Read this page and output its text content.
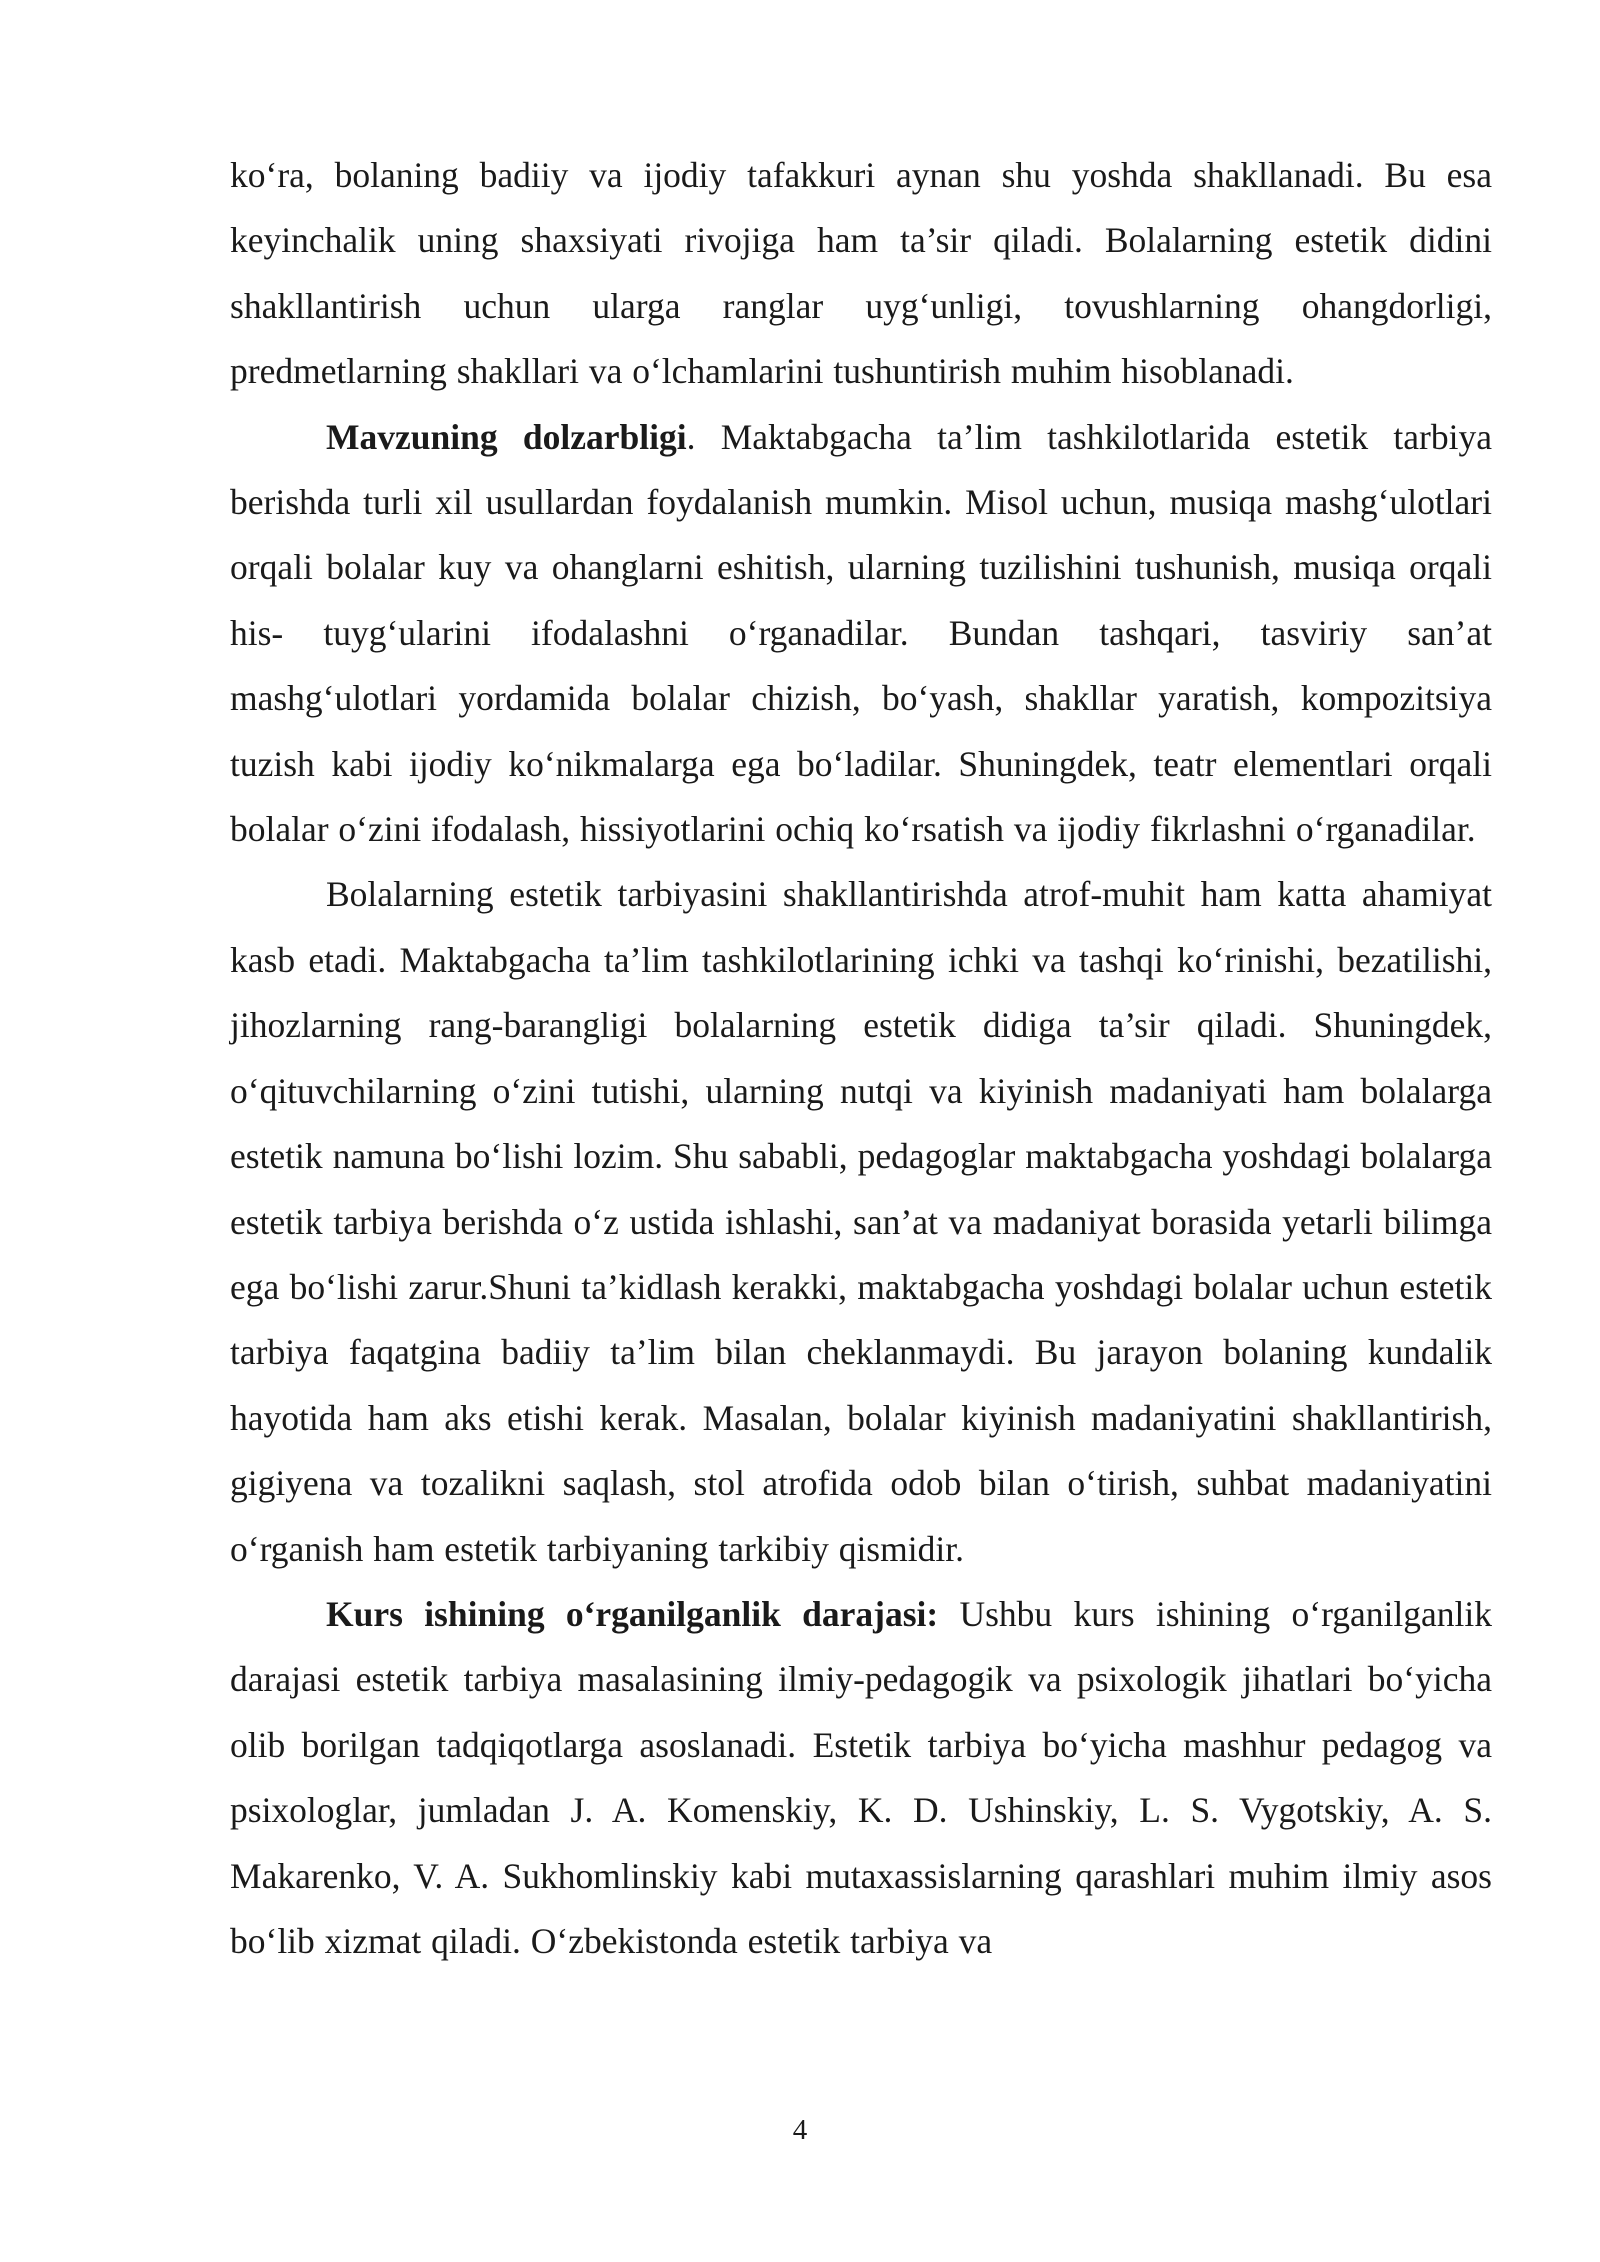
ko‘ra, bolaning badiiy va ijodiy tafakkuri aynan shu yoshda shakllanadi. Bu esa keyinchalik uning shaxsiyati rivojiga ham ta’sir qiladi. Bolalarning estetik didini shakllantirish uchun ularga ranglar uyg‘unligi, tovushlarning ohangdorligi, predmetlarning shakllari va o‘lchamlarini tushuntirish muhim hisoblanadi.

Mavzuning dolzarbligi. Maktabgacha ta’lim tashkilotlarida estetik tarbiya berishda turli xil usullardan foydalanish mumkin. Misol uchun, musiqa mashg‘ulotlari orqali bolalar kuy va ohanglarni eshitish, ularning tuzilishini tushunish, musiqa orqali his- tuyg‘ularini ifodalashni o‘rganadilar. Bundan tashqari, tasviriy san’at mashg‘ulotlari yordamida bolalar chizish, bo‘yash, shakllar yaratish, kompozitsiya tuzish kabi ijodiy ko‘nikmalarga ega bo‘ladilar. Shuningdek, teatr elementlari orqali bolalar o‘zini ifodalash, hissiyotlarini ochiq ko‘rsatish va ijodiy fikrlashni o‘rganadilar.

Bolalarning estetik tarbiyasini shakllantirishda atrof-muhit ham katta ahamiyat kasb etadi. Maktabgacha ta’lim tashkilotlarining ichki va tashqi ko‘rinishi, bezatilishi, jihozlarning rang-barangligi bolalarning estetik didiga ta’sir qiladi. Shuningdek, o‘qituvchilarning o‘zini tutishi, ularning nutqi va kiyinish madaniyati ham bolalarga estetik namuna bo‘lishi lozim. Shu sababli, pedagoglar maktabgacha yoshdagi bolalarga estetik tarbiya berishda o‘z ustida ishlashi, san’at va madaniyat borasida yetarli bilimga ega bo‘lishi zarur.Shuni ta’kidlash kerakki, maktabgacha yoshdagi bolalar uchun estetik tarbiya faqatgina badiiy ta’lim bilan cheklanmaydi. Bu jarayon bolaning kundalik hayotida ham aks etishi kerak. Masalan, bolalar kiyinish madaniyatini shakllantirish, gigiyena va tozalikni saqlash, stol atrofida odob bilan o‘tirish, suhbat madaniyatini o‘rganish ham estetik tarbiyaning tarkibiy qismidir.

Kurs ishining o‘rganilganlik darajasi: Ushbu kurs ishining o‘rganilganlik darajasi estetik tarbiya masalasining ilmiy-pedagogik va psixologik jihatlari bo‘yicha olib borilgan tadqiqotlarga asoslanadi. Estetik tarbiya bo‘yicha mashhur pedagog va psixologlar, jumladan J. A. Komenskiy, K. D. Ushinskiy, L. S. Vygotskiy, A. S. Makarenko, V. A. Sukhomlinskiy kabi mutaxassislarning qarashlari muhim ilmiy asos bo‘lib xizmat qiladi. O‘zbekistonda estetik tarbiya va

4
